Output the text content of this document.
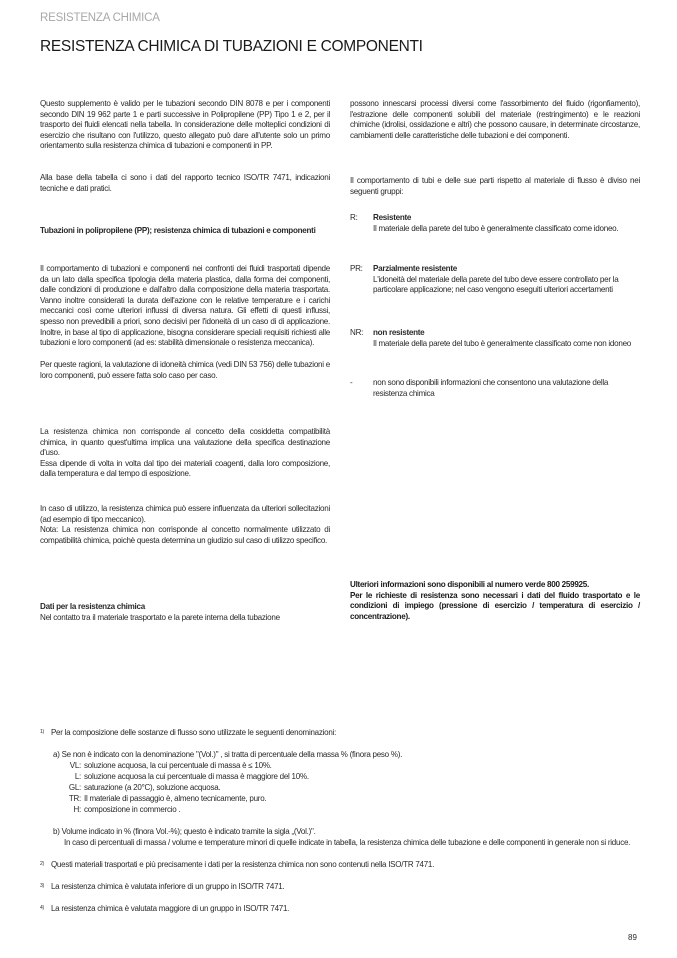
RESISTENZA CHIMICA
RESISTENZA CHIMICA DI TUBAZIONI E COMPONENTI
Questo supplemento è valido per le tubazioni secondo DIN 8078 e per i componenti secondo DIN 19 962 parte 1 e parti successive in Polipropilene (PP) Tipo 1 e 2, per il trasporto dei fluidi elencati nella tabella. In considerazione delle molteplici condizioni di esercizio che risultano con l'utilizzo, questo allegato può dare all'utente solo un primo orientamento sulla resistenza chimica di tubazioni e componenti in PP.
Alla base della tabella ci sono i dati del rapporto tecnico ISO/TR 7471, indicazioni tecniche e dati pratici.
Tubazioni in polipropilene (PP); resistenza chimica di tubazioni e componenti
Il comportamento di tubazioni e componenti nei confronti dei fluidi trasportati dipende da un lato dalla specifica tipologia della materia plastica, dalla forma dei componenti, dalle condizioni di produzione e dall'altro dalla composizione della materia trasportata. Vanno inoltre considerati la durata dell'azione con le relative temperature e i carichi meccanici così come ulteriori influssi di diversa natura. Gli effetti di questi influssi, spesso non prevedibili a priori, sono decisivi per l'idoneità di un caso di di applicazione. Inoltre, in base al tipo di applicazione, bisogna considerare speciali requisiti richiesti alle tubazioni e loro componenti (ad es: stabilità dimensionale o resistenza meccanica).
Per queste ragioni, la valutazione di idoneità chimica (vedi DIN 53 756) delle tubazioni e loro componenti, può essere fatta solo caso per caso.

La resistenza chimica non corrisponde al concetto della cosiddetta compatibilità chimica, in quanto quest'ultima implica una valutazione della specifica destinazione d'uso.

Essa dipende di volta in volta dal tipo dei materiali coagenti, dalla loro composizione, dalla temperatura e dal tempo di esposizione.

In caso di utilizzo, la resistenza chimica può essere influenzata da ulteriori sollecitazioni (ad esempio di tipo meccanico).

Nota: La resistenza chimica non corrisponde al concetto normalmente utilizzato di compatibilità chimica, poichè questa determina un giudizio sul caso di utilizzo specifico.

Dati per la resistenza chimica

Nel contatto tra il materiale trasportato e la parete interna della tubazione

possono innescarsi processi diversi come l'assorbimento del fluido (rigonfiamento), l'estrazione delle componenti solubili del materiale (restringimento) e le reazioni chimiche (idrolisi, ossidazione e altri) che possono causare, in determinate circostanze, cambiamenti delle caratteristiche delle tubazioni e dei componenti.
Il comportamento di tubi e delle sue parti rispetto al materiale di flusso è diviso nei seguenti gruppi:
R:	Resistente
Il materiale della parete del tubo è generalmente classificato come idoneo.
PR:	Parzialmente resistente
L'idoneità del materiale della parete del tubo deve essere controllato per la particolare applicazione; nel caso vengono eseguiti ulteriori accertamenti
NR:	non resistente
Il materiale della parete del tubo è generalmente classificato come non idoneo
-	non sono disponibili informazioni che consentono una valutazione della resistenza chimica

Ulteriori informazioni sono disponibili al numero verde 800 259925.

Per le richieste di resistenza sono necessari i dati del fluido trasportato e le condizioni di impiego (pressione di esercizio / temperatura di esercizio / concentrazione).

$^{1)}$ Per la composizione delle sostanze di flusso sono utilizzate le seguenti denominazioni:
a) Se non è indicato con la denominazione "(Vol.)" , si tratta di percentuale della massa % (finora peso %).
VL: soluzione acquosa, la cui percentuale di massa è ≤ 10%.
L: soluzione acquosa la cui percentuale di massa è maggiore del 10%.
GL: saturazione (a 20°C), soluzione acquosa.
TR: Il materiale di passaggio è, almeno tecnicamente, puro.
H: composizione in commercio .
b) Volume indicato in % (finora Vol.-%); questo è indicato tramite la sigla „(Vol.)".
In caso di percentuali di massa / volume e temperature minori di quelle indicate in tabella, la resistenza chimica delle tubazione e delle componenti in generale non si riduce.
$^{2)}$ Questi materiali trasportati e più precisamente i dati per la resistenza chimica non sono contenuti nella ISO/TR 7471.
$^{3)}$ La resistenza chimica è valutata inferiore di un gruppo in ISO/TR 7471.
$^{4)}$ La resistenza chimica è valutata maggiore di un gruppo in ISO/TR 7471.
89
